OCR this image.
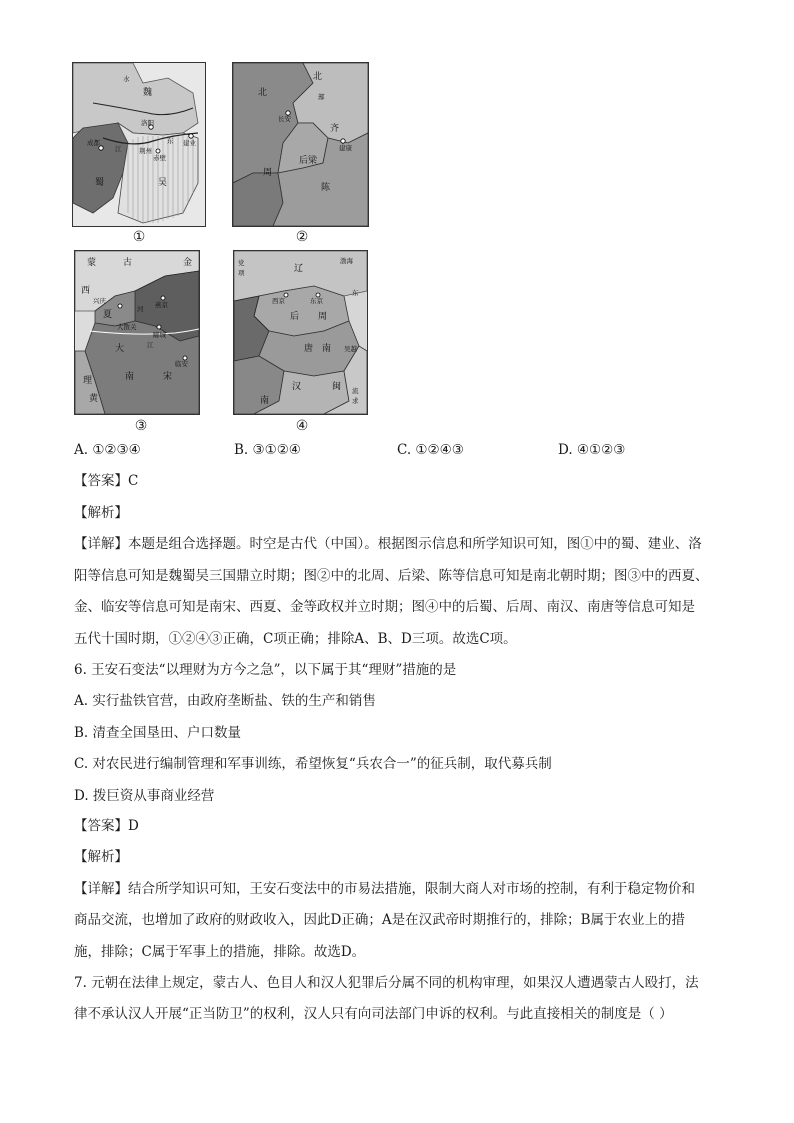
魏
洛阳
建业
成都
荆州
赤壁
蜀	吴
东
江
水
①
北	鄯
北
长安
齐
建康
后梁
周
陈
②
蒙	古	金
西
兴庆	燕京
夏
大散关
郾城
临安
南	宋
大
理
河
江
黄
③
党
项	辽
渤海
西京	东京
东
后 周
唐 南 吴越
汉	闽
南
流
求
④
A. ①②③④	B. ③①②④	C. ①②④③	D. ④①②③
【答案】C
【解析】
【详解】本题是组合选择题。时空是古代（中国）。根据图示信息和所学知识可知，图①中的蜀、建业、洛
阳等信息可知是魏蜀吴三国鼎立时期；图②中的北周、后梁、陈等信息可知是南北朝时期；图③中的西夏、
金、临安等信息可知是南宋、西夏、金等政权并立时期；图④中的后蜀、后周、南汉、南唐等信息可知是
五代十国时期，①②④③正确，C项正确；排除A、B、D三项。故选C项。
6. 王安石变法“以理财为方今之急”，以下属于其“理财”措施的是
A. 实行盐铁官营，由政府垄断盐、铁的生产和销售
B. 清查全国垦田、户口数量
C. 对农民进行编制管理和军事训练，希望恢复“兵农合一”的征兵制，取代募兵制
D. 拨巨资从事商业经营
【答案】D
【解析】
【详解】结合所学知识可知，王安石变法中的市易法措施，限制大商人对市场的控制，有利于稳定物价和
商品交流，也增加了政府的财政收入，因此D正确；A是在汉武帝时期推行的，排除；B属于农业上的措
施，排除；C属于军事上的措施，排除。故选D。
7. 元朝在法律上规定，蒙古人、色目人和汉人犯罪后分属不同的机构审理，如果汉人遭遇蒙古人殴打，法
律不承认汉人开展“正当防卫”的权利，汉人只有向司法部门申诉的权利。与此直接相关的制度是（ ）
